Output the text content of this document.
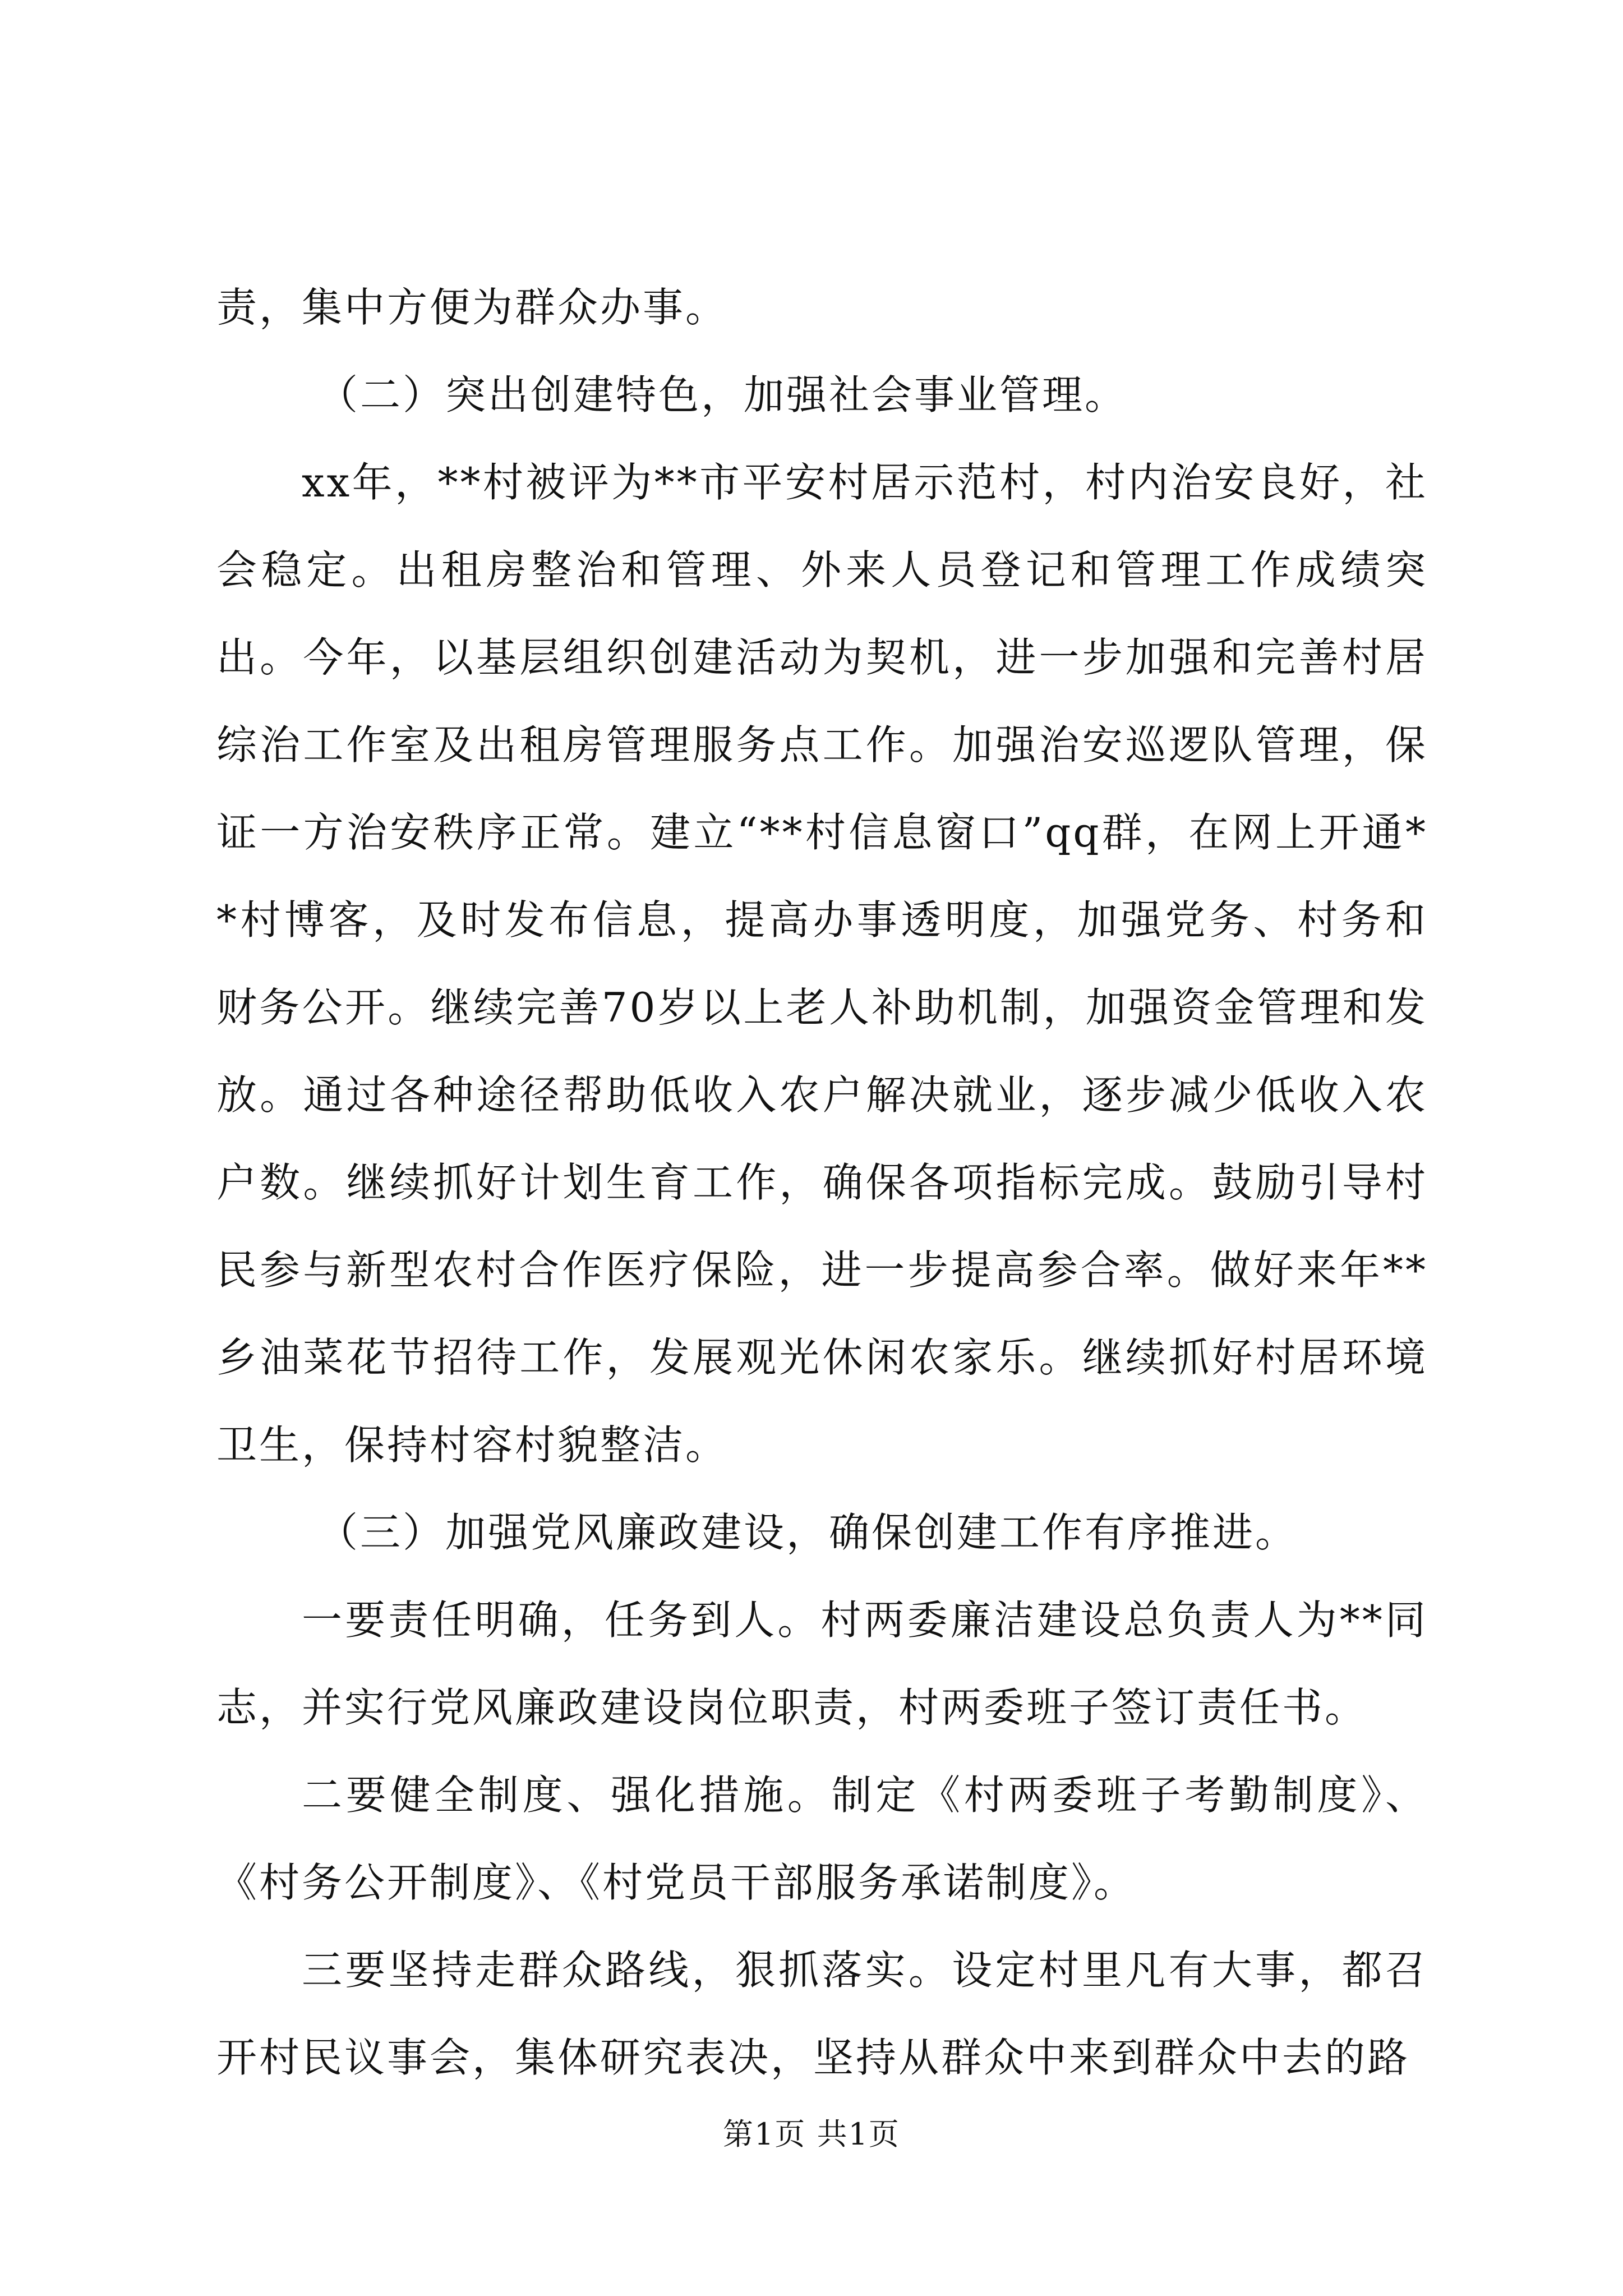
责，集中方便为群众办事。

（二）突出创建特色，加强社会事业管理。

xx年，**村被评为**市平安村居示范村，村内治安良好，社会稳定。出租房整治和管理、外来人员登记和管理工作成绩突出。今年，以基层组织创建活动为契机，进一步加强和完善村居综治工作室及出租房管理服务点工作。加强治安巡逻队管理，保证一方治安秩序正常。建立“**村信息窗口”qq群，在网上开通**村博客，及时发布信息，提高办事透明度，加强党务、村务和财务公开。继续完善70岁以上老人补助机制，加强资金管理和发放。通过各种途径帮助低收入农户解决就业，逐步减少低收入农户数。继续抓好计划生育工作，确保各项指标完成。鼓励引导村民参与新型农村合作医疗保险，进一步提高参合率。做好来年**乡油菜花节招待工作，发展观光休闲农家乐。继续抓好村居环境卫生，保持村容村貌整洁。

（三）加强党风廉政建设，确保创建工作有序推进。

一要责任明确，任务到人。村两委廉洁建设总负责人为**同志，并实行党风廉政建设岗位职责，村两委班子签订责任书。

二要健全制度、强化措施。制定《村两委班子考勤制度》、《村务公开制度》、《村党员干部服务承诺制度》。

三要坚持走群众路线，狠抓落实。设定村里凡有大事，都召开村民议事会，集体研究表决，坚持从群众中来到群众中去的路

第1页 共1页
